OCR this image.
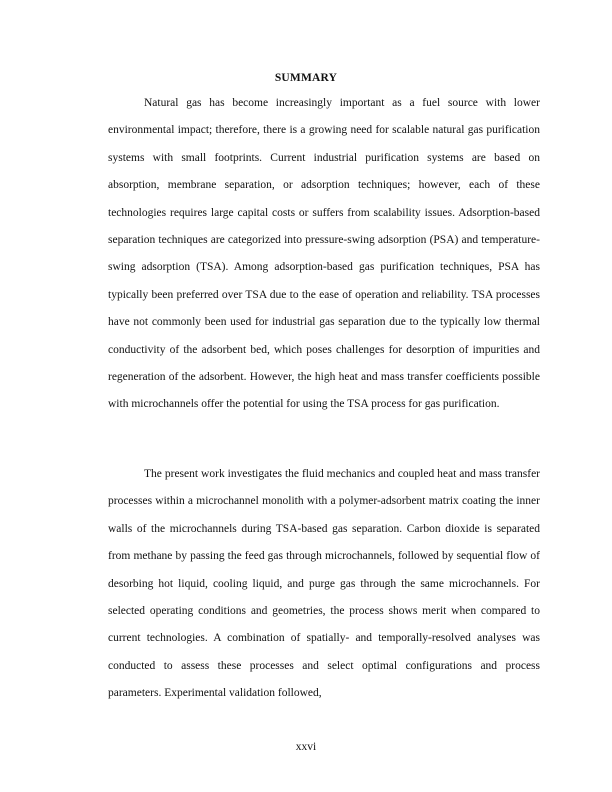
SUMMARY

Natural gas has become increasingly important as a fuel source with lower environmental impact; therefore, there is a growing need for scalable natural gas purification systems with small footprints. Current industrial purification systems are based on absorption, membrane separation, or adsorption techniques; however, each of these technologies requires large capital costs or suffers from scalability issues. Adsorption-based separation techniques are categorized into pressure-swing adsorption (PSA) and temperature-swing adsorption (TSA). Among adsorption-based gas purification techniques, PSA has typically been preferred over TSA due to the ease of operation and reliability. TSA processes have not commonly been used for industrial gas separation due to the typically low thermal conductivity of the adsorbent bed, which poses challenges for desorption of impurities and regeneration of the adsorbent. However, the high heat and mass transfer coefficients possible with microchannels offer the potential for using the TSA process for gas purification.

The present work investigates the fluid mechanics and coupled heat and mass transfer processes within a microchannel monolith with a polymer-adsorbent matrix coating the inner walls of the microchannels during TSA-based gas separation. Carbon dioxide is separated from methane by passing the feed gas through microchannels, followed by sequential flow of desorbing hot liquid, cooling liquid, and purge gas through the same microchannels. For selected operating conditions and geometries, the process shows merit when compared to current technologies. A combination of spatially- and temporally-resolved analyses was conducted to assess these processes and select optimal configurations and process parameters. Experimental validation followed,

xxvi
